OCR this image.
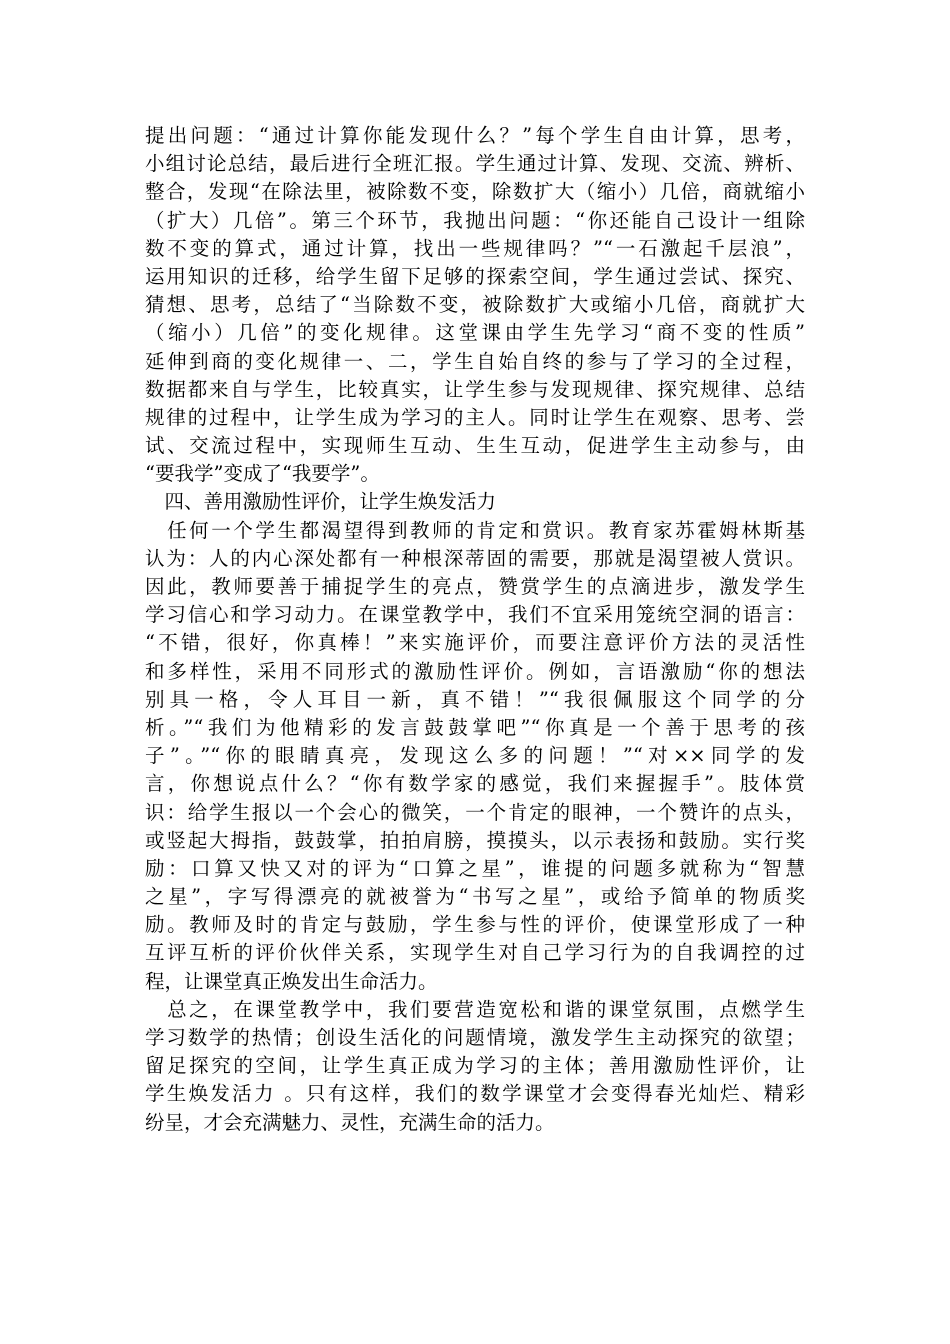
提出问题：“通过计算你能发现什么？”每个学生自由计算，思考，
小组讨论总结，最后进行全班汇报。学生通过计算、发现、交流、辨析、
整合，发现“在除法里，被除数不变，除数扩大（缩小）几倍，商就缩小
（扩大）几倍”。第三个环节，我抛出问题：“你还能自己设计一组除
数不变的算式，通过计算，找出一些规律吗？”“一石激起千层浪”，
运用知识的迁移，给学生留下足够的探索空间，学生通过尝试、探究、
猜想、思考，总结了“当除数不变，被除数扩大或缩小几倍，商就扩大
（缩小）几倍”的变化规律。这堂课由学生先学习“商不变的性质”
延伸到商的变化规律一、二，学生自始自终的参与了学习的全过程，
数据都来自与学生，比较真实，让学生参与发现规律、探究规律、总结
规律的过程中，让学生成为学习的主人。同时让学生在观察、思考、尝
试、交流过程中，实现师生互动、生生互动，促进学生主动参与，由
“要我学”变成了“我要学”。
　四、善用激励性评价，让学生焕发活力
　任何一个学生都渴望得到教师的肯定和赏识。教育家苏霍姆林斯基
认为：人的内心深处都有一种根深蒂固的需要，那就是渴望被人赏识。
因此，教师要善于捕捉学生的亮点，赞赏学生的点滴进步，激发学生
学习信心和学习动力。在课堂教学中，我们不宜采用笼统空洞的语言：
“不错，很好，你真棒！”来实施评价，而要注意评价方法的灵活性
和多样性，采用不同形式的激励性评价。例如，言语激励“你的想法
别具一格，令人耳目一新，真不错！”“我很佩服这个同学的分
析。”“我们为他精彩的发言鼓鼓掌吧”“你真是一个善于思考的孩
子”。”“你的眼睛真亮，发现这么多的问题！”“对××同学的发
言，你想说点什么？“你有数学家的感觉，我们来握握手”。肢体赏
识：给学生报以一个会心的微笑，一个肯定的眼神，一个赞许的点头，
或竖起大拇指，鼓鼓掌，拍拍肩膀，摸摸头，以示表扬和鼓励。实行奖
励：口算又快又对的评为“口算之星”，谁提的问题多就称为“智慧
之星”，字写得漂亮的就被誉为“书写之星”，或给予简单的物质奖
励。教师及时的肯定与鼓励，学生参与性的评价，使课堂形成了一种
互评互析的评价伙伴关系，实现学生对自己学习行为的自我调控的过
程，让课堂真正焕发出生命活力。
　总之，在课堂教学中，我们要营造宽松和谐的课堂氛围，点燃学生
学习数学的热情；创设生活化的问题情境，激发学生主动探究的欲望；
留足探究的空间，让学生真正成为学习的主体；善用激励性评价，让
学生焕发活力 。只有这样，我们的数学课堂才会变得春光灿烂、精彩
纷呈，才会充满魅力、灵性，充满生命的活力。
